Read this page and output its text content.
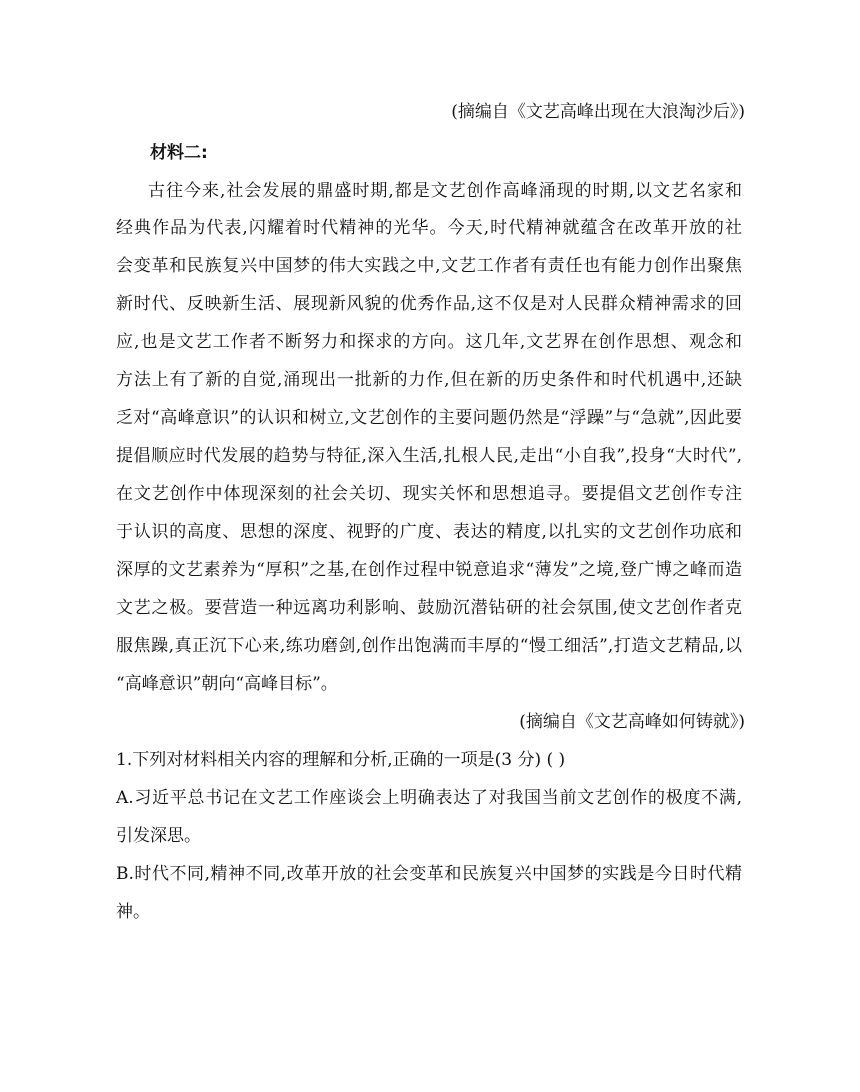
(摘编自《文艺高峰出现在大浪淘沙后》)
材料二:
古往今来,社会发展的鼎盛时期,都是文艺创作高峰涌现的时期,以文艺名家和
经典作品为代表,闪耀着时代精神的光华。今天,时代精神就蕴含在改革开放的社
会变革和民族复兴中国梦的伟大实践之中,文艺工作者有责任也有能力创作出聚焦
新时代、反映新生活、展现新风貌的优秀作品,这不仅是对人民群众精神需求的回
应,也是文艺工作者不断努力和探求的方向。这几年,文艺界在创作思想、观念和
方法上有了新的自觉,涌现出一批新的力作,但在新的历史条件和时代机遇中,还缺
乏对“高峰意识”的认识和树立,文艺创作的主要问题仍然是“浮躁”与“急就”,因此要
提倡顺应时代发展的趋势与特征,深入生活,扎根人民,走出“小自我”,投身“大时代”,
在文艺创作中体现深刻的社会关切、现实关怀和思想追寻。要提倡文艺创作专注
于认识的高度、思想的深度、视野的广度、表达的精度,以扎实的文艺创作功底和
深厚的文艺素养为“厚积”之基,在创作过程中锐意追求“薄发”之境,登广博之峰而造
文艺之极。要营造一种远离功利影响、鼓励沉潜钻研的社会氛围,使文艺创作者克
服焦躁,真正沉下心来,练功磨剑,创作出饱满而丰厚的“慢工细活”,打造文艺精品,以
“高峰意识”朝向“高峰目标”。
(摘编自《文艺高峰如何铸就》)
1.下列对材料相关内容的理解和分析,正确的一项是(3 分) ( )
A.习近平总书记在文艺工作座谈会上明确表达了对我国当前文艺创作的极度不满,
引发深思。
B.时代不同,精神不同,改革开放的社会变革和民族复兴中国梦的实践是今日时代精
神。
